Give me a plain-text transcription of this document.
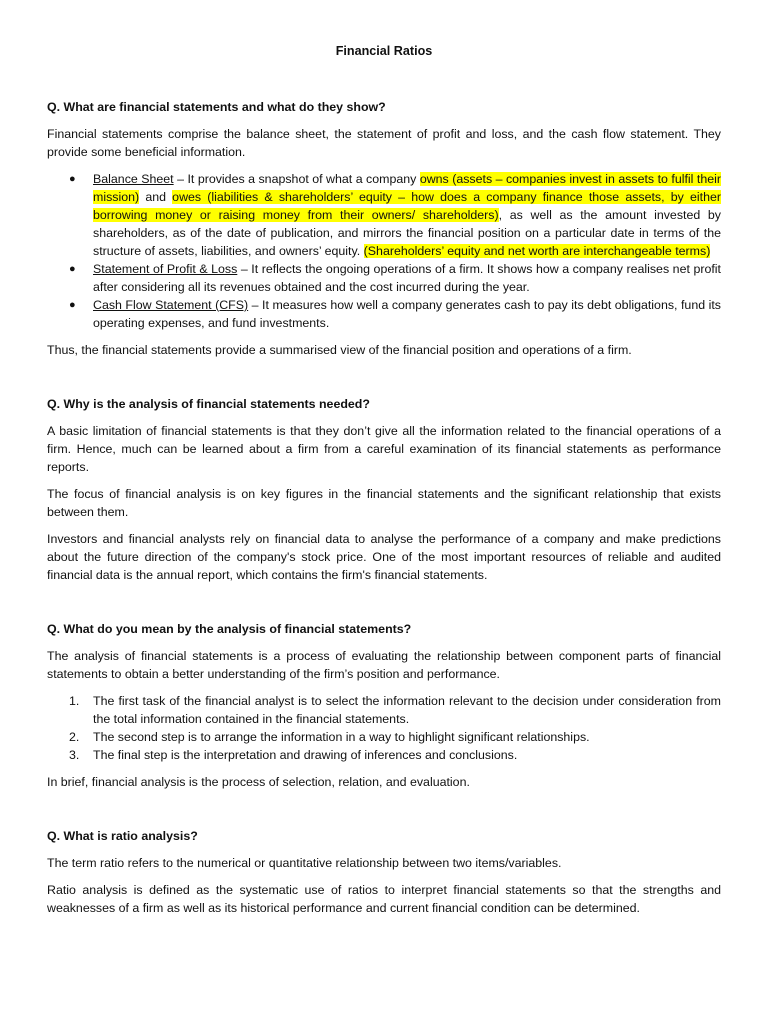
Financial Ratios
Q. What are financial statements and what do they show?

Financial statements comprise the balance sheet, the statement of profit and loss, and the cash flow statement. They provide some beneficial information.

● Balance Sheet – It provides a snapshot of what a company owns (assets – companies invest in assets to fulfil their mission) and owes (liabilities & shareholders’ equity – how does a company finance those assets, by either borrowing money or raising money from their owners/ shareholders), as well as the amount invested by shareholders, as of the date of publication, and mirrors the financial position on a particular date in terms of the structure of assets, liabilities, and owners’ equity. (Shareholders’ equity and net worth are interchangeable terms)
● Statement of Profit & Loss – It reflects the ongoing operations of a firm. It shows how a company realises net profit after considering all its revenues obtained and the cost incurred during the year.
● Cash Flow Statement (CFS) – It measures how well a company generates cash to pay its debt obligations, fund its operating expenses, and fund investments.

Thus, the financial statements provide a summarised view of the financial position and operations of a firm.

Q. Why is the analysis of financial statements needed?

A basic limitation of financial statements is that they don’t give all the information related to the financial operations of a firm. Hence, much can be learned about a firm from a careful examination of its financial statements as performance reports.

The focus of financial analysis is on key figures in the financial statements and the significant relationship that exists between them.

Investors and financial analysts rely on financial data to analyse the performance of a company and make predictions about the future direction of the company's stock price. One of the most important resources of reliable and audited financial data is the annual report, which contains the firm's financial statements.

Q. What do you mean by the analysis of financial statements?

The analysis of financial statements is a process of evaluating the relationship between component parts of financial statements to obtain a better understanding of the firm’s position and performance.

1. The first task of the financial analyst is to select the information relevant to the decision under consideration from the total information contained in the financial statements.
2. The second step is to arrange the information in a way to highlight significant relationships.
3. The final step is the interpretation and drawing of inferences and conclusions.

In brief, financial analysis is the process of selection, relation, and evaluation.

Q. What is ratio analysis?

The term ratio refers to the numerical or quantitative relationship between two items/variables.

Ratio analysis is defined as the systematic use of ratios to interpret financial statements so that the strengths and weaknesses of a firm as well as its historical performance and current financial condition can be determined.
